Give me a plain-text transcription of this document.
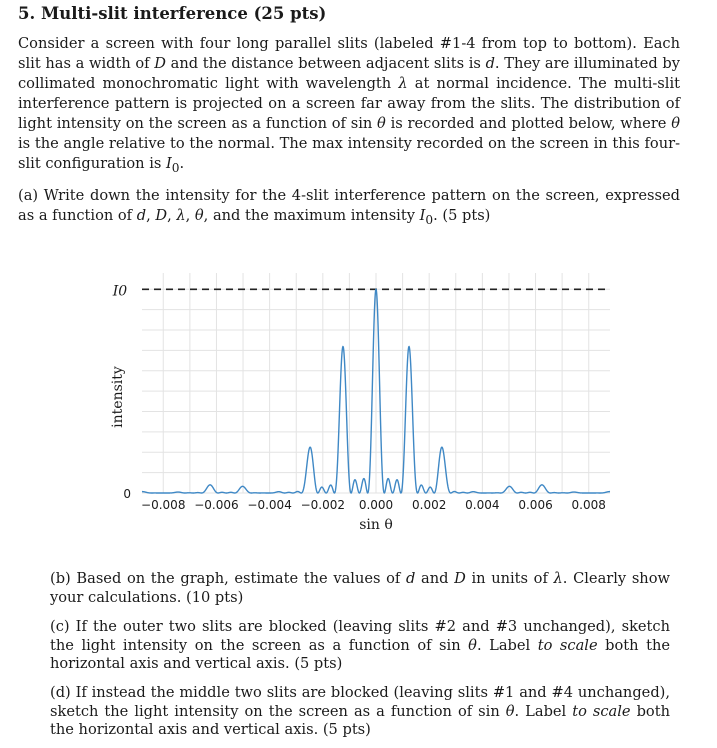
5. Multi-slit interference (25 pts)

Consider a screen with four long parallel slits (labeled #1-4 from top to bottom). Each slit has a width of D and the distance between adjacent slits is d. They are illuminated by collimated monochromatic light with wavelength λ at normal incidence. The multi-slit interference pattern is projected on a screen far away from the slits. The distribution of light intensity on the screen as a function of sin θ is recorded and plotted below, where θ is the angle relative to the normal. The max intensity recorded on the screen in this four-slit configuration is $I_0$.

(a) Write down the intensity for the 4-slit interference pattern on the screen, expressed as a function of d, D, λ, θ, and the maximum intensity $I_0$. (5 pts)

−0.008 −0.006 −0.004 −0.002 0.000 0.002 0.004 0.006 0.008
0
I0
sin θ
intensity

(b) Based on the graph, estimate the values of d and D in units of λ. Clearly show your calculations. (10 pts)

(c) If the outer two slits are blocked (leaving slits #2 and #3 unchanged), sketch the light intensity on the screen as a function of sin θ. Label to scale both the horizontal axis and vertical axis. (5 pts)

(d) If instead the middle two slits are blocked (leaving slits #1 and #4 unchanged), sketch the light intensity on the screen as a function of sin θ. Label to scale both the horizontal axis and vertical axis. (5 pts)
